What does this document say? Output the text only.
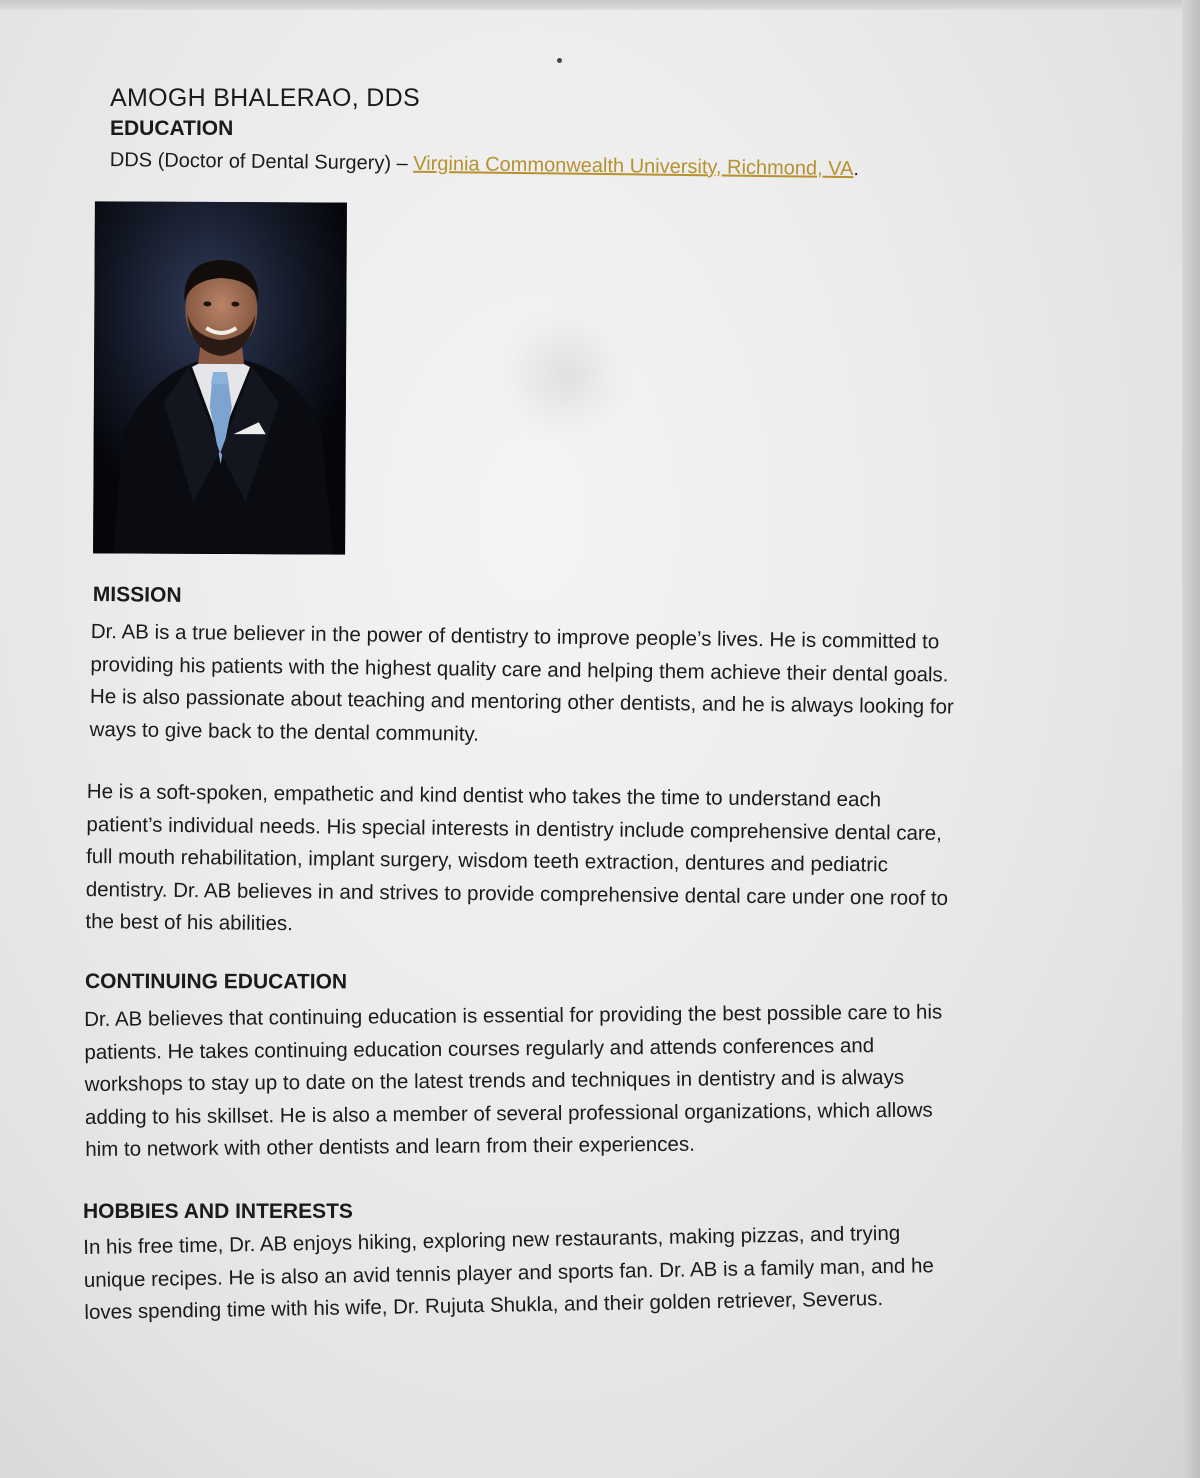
AMOGH BHALERAO, DDS
EDUCATION
DDS (Doctor of Dental Surgery) – Virginia Commonwealth University, Richmond, VA.
MISSION
Dr. AB is a true believer in the power of dentistry to improve people’s lives. He is committed to
providing his patients with the highest quality care and helping them achieve their dental goals.
He is also passionate about teaching and mentoring other dentists, and he is always looking for
ways to give back to the dental community.
He is a soft-spoken, empathetic and kind dentist who takes the time to understand each
patient’s individual needs. His special interests in dentistry include comprehensive dental care,
full mouth rehabilitation, implant surgery, wisdom teeth extraction, dentures and pediatric
dentistry. Dr. AB believes in and strives to provide comprehensive dental care under one roof to
the best of his abilities.
CONTINUING EDUCATION
Dr. AB believes that continuing education is essential for providing the best possible care to his
patients. He takes continuing education courses regularly and attends conferences and
workshops to stay up to date on the latest trends and techniques in dentistry and is always
adding to his skillset. He is also a member of several professional organizations, which allows
him to network with other dentists and learn from their experiences.
HOBBIES AND INTERESTS
In his free time, Dr. AB enjoys hiking, exploring new restaurants, making pizzas, and trying
unique recipes. He is also an avid tennis player and sports fan. Dr. AB is a family man, and he
loves spending time with his wife, Dr. Rujuta Shukla, and their golden retriever, Severus.
